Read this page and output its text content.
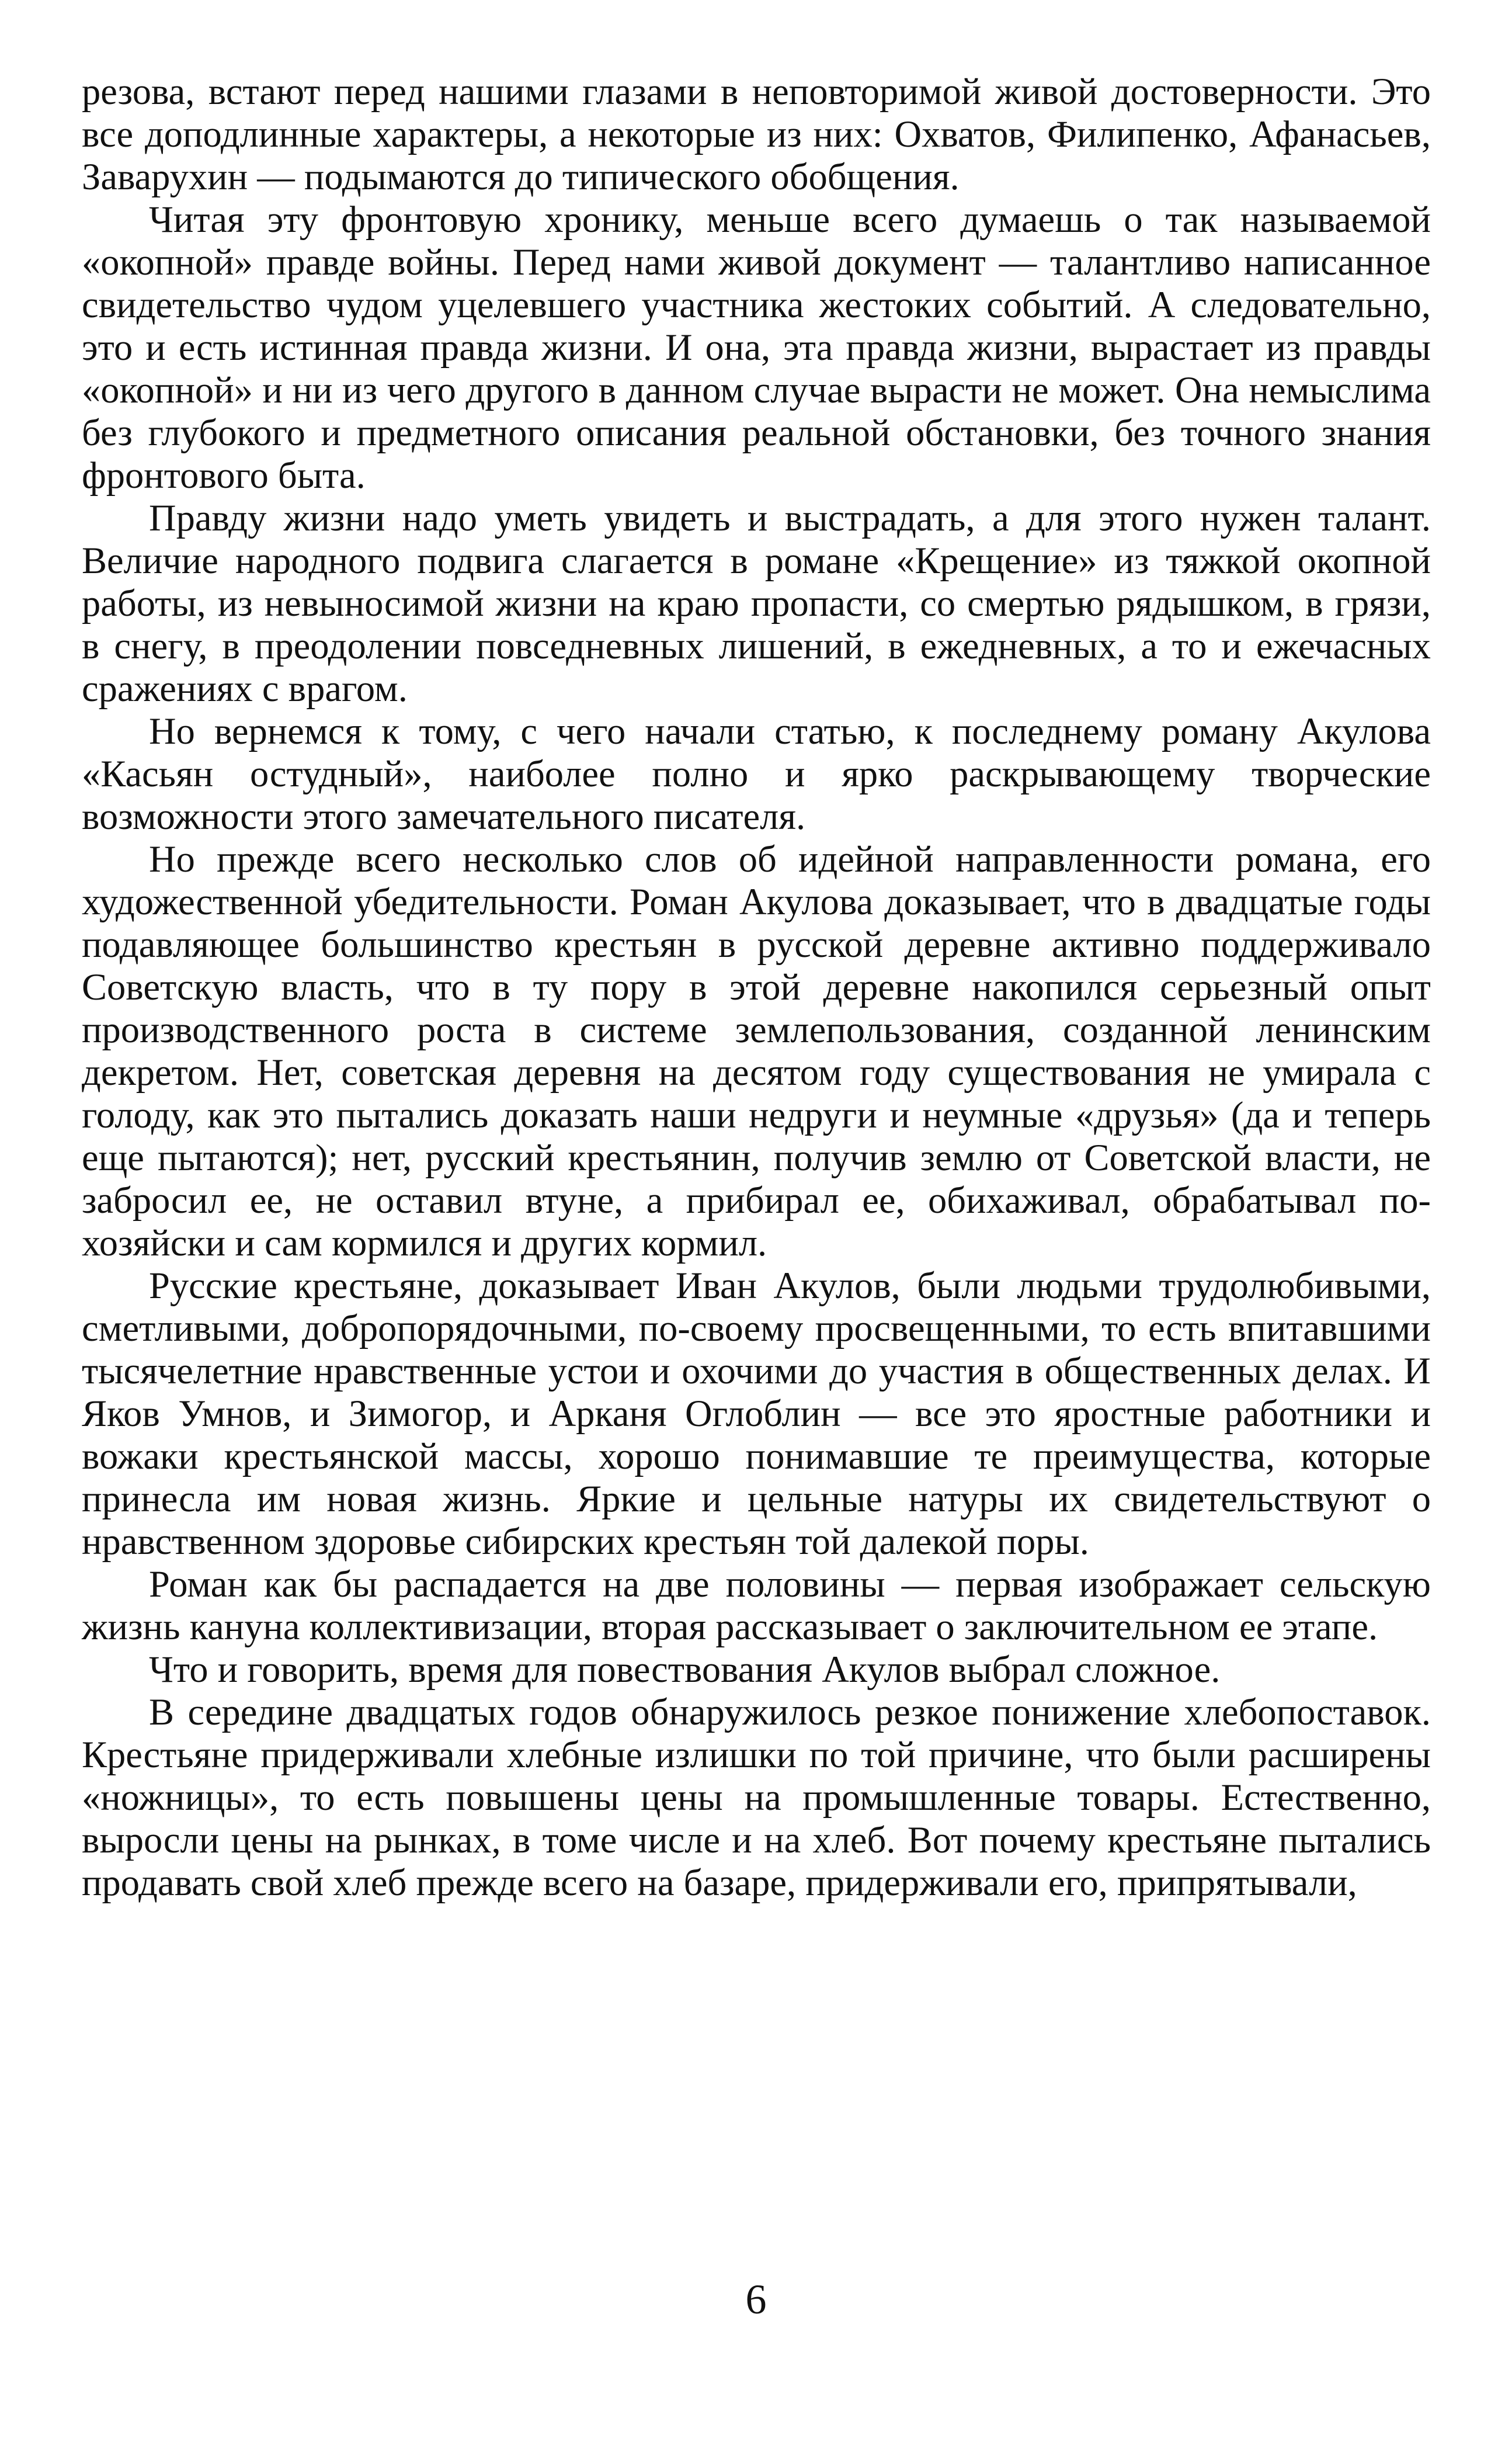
резова, встают перед нашими глазами в неповторимой живой достоверности. Это все доподлинные характеры, а некоторые из них: Охватов, Филипенко, Афанасьев, Заварухин — подымаются до типического обобщения.

Читая эту фронтовую хронику, меньше всего думаешь о так называемой «окопной» правде войны. Перед нами живой документ — талантливо написанное свидетельство чудом уцелевшего участника жестоких событий. А следовательно, это и есть истинная правда жизни. И она, эта правда жизни, вырастает из правды «окопной» и ни из чего другого в данном случае вырасти не может. Она немыслима без глубокого и предметного описания реальной обстановки, без точного знания фронтового быта.

Правду жизни надо уметь увидеть и выстрадать, а для этого нужен талант. Величие народного подвига слагается в романе «Крещение» из тяжкой окопной работы, из невыносимой жизни на краю пропасти, со смертью рядышком, в грязи, в снегу, в преодолении повседневных лишений, в ежедневных, а то и ежечасных сражениях с врагом.

Но вернемся к тому, с чего начали статью, к последнему роману Акулова «Касьян остудный», наиболее полно и ярко раскрывающему творческие возможности этого замечательного писателя.

Но прежде всего несколько слов об идейной направленности романа, его художественной убедительности. Роман Акулова доказывает, что в двадцатые годы подавляющее большинство крестьян в русской деревне активно поддерживало Советскую власть, что в ту пору в этой деревне накопился серьезный опыт производственного роста в системе землепользования, созданной ленинским декретом. Нет, советская деревня на десятом году существования не умирала с голоду, как это пытались доказать наши недруги и неумные «друзья» (да и теперь еще пытаются); нет, русский крестьянин, получив землю от Советской власти, не забросил ее, не оставил втуне, а прибирал ее, обихаживал, обрабатывал по-хозяйски и сам кормился и других кормил.

Русские крестьяне, доказывает Иван Акулов, были людьми трудолюбивыми, сметливыми, добропорядочными, по-своему просвещенными, то есть впитавшими тысячелетние нравственные устои и охочими до участия в общественных делах. И Яков Умнов, и Зимогор, и Арканя Оглоблин — все это яростные работники и вожаки крестьянской массы, хорошо понимавшие те преимущества, которые принесла им новая жизнь. Яркие и цельные натуры их свидетельствуют о нравственном здоровье сибирских крестьян той далекой поры.

Роман как бы распадается на две половины — первая изображает сельскую жизнь кануна коллективизации, вторая рассказывает о заключительном ее этапе.

Что и говорить, время для повествования Акулов выбрал сложное.

В середине двадцатых годов обнаружилось резкое понижение хлебопоставок. Крестьяне придерживали хлебные излишки по той причине, что были расширены «ножницы», то есть повышены цены на промышленные товары. Естественно, выросли цены на рынках, в томе числе и на хлеб. Вот почему крестьяне пытались продавать свой хлеб прежде всего на базаре, придерживали его, припрятывали,

6
